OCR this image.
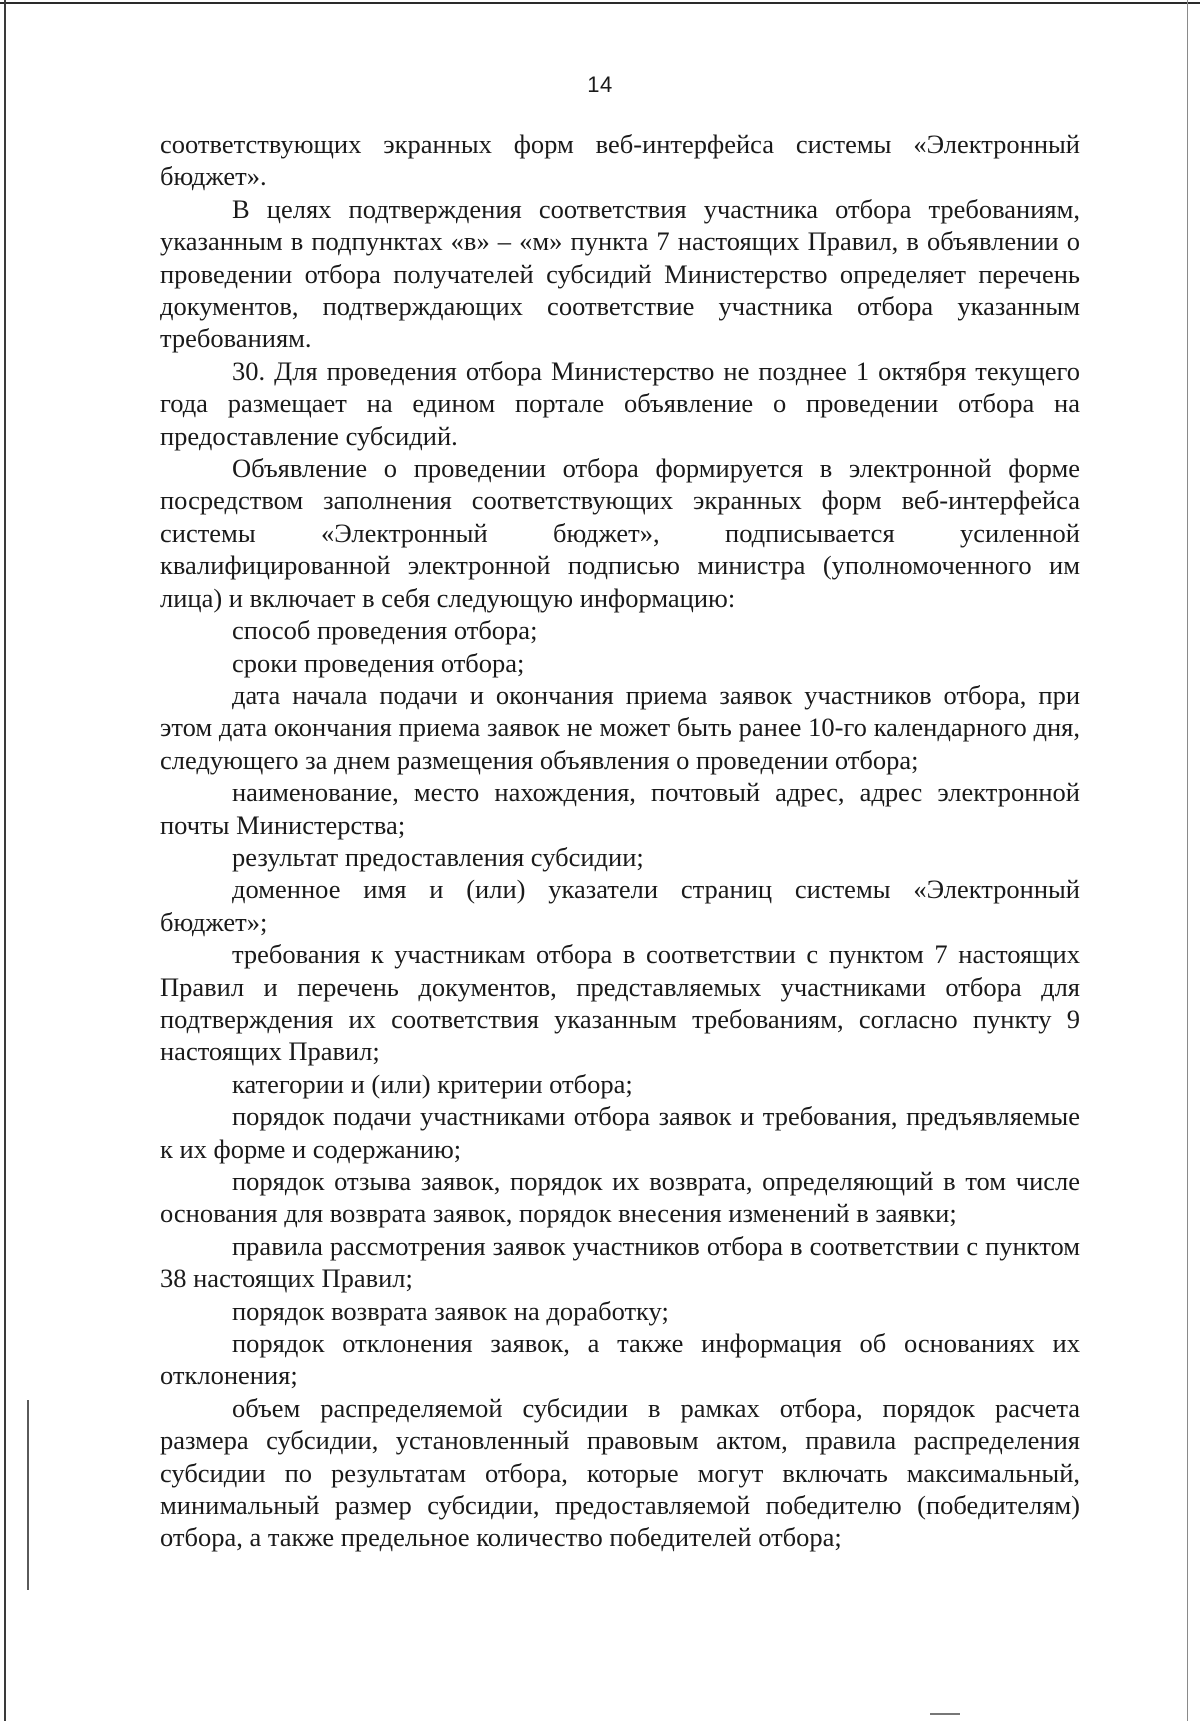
14

соответствующих экранных форм веб-интерфейса системы «Электронный бюджет».

В целях подтверждения соответствия участника отбора требованиям, указанным в подпунктах «в» – «м» пункта 7 настоящих Правил, в объявлении о проведении отбора получателей субсидий Министерство определяет перечень документов, подтверждающих соответствие участника отбора указанным требованиям.

30. Для проведения отбора Министерство не позднее 1 октября текущего года размещает на едином портале объявление о проведении отбора на предоставление субсидий.

Объявление о проведении отбора формируется в электронной форме посредством заполнения соответствующих экранных форм веб-интерфейса системы «Электронный бюджет», подписывается усиленной квалифицированной электронной подписью министра (уполномоченного им лица) и включает в себя следующую информацию:

способ проведения отбора;

сроки проведения отбора;

дата начала подачи и окончания приема заявок участников отбора, при этом дата окончания приема заявок не может быть ранее 10-го календарного дня, следующего за днем размещения объявления о проведении отбора;

наименование, место нахождения, почтовый адрес, адрес электронной почты Министерства;

результат предоставления субсидии;

доменное имя и (или) указатели страниц системы «Электронный бюджет»;

требования к участникам отбора в соответствии с пунктом 7 настоящих Правил и перечень документов, представляемых участниками отбора для подтверждения их соответствия указанным требованиям, согласно пункту 9 настоящих Правил;

категории и (или) критерии отбора;

порядок подачи участниками отбора заявок и требования, предъявляемые к их форме и содержанию;

порядок отзыва заявок, порядок их возврата, определяющий в том числе основания для возврата заявок, порядок внесения изменений в заявки;

правила рассмотрения заявок участников отбора в соответствии с пунктом 38 настоящих Правил;

порядок возврата заявок на доработку;

порядок отклонения заявок, а также информация об основаниях их отклонения;

объем распределяемой субсидии в рамках отбора, порядок расчета размера субсидии, установленный правовым актом, правила распределения субсидии по результатам отбора, которые могут включать максимальный, минимальный размер субсидии, предоставляемой победителю (победителям) отбора, а также предельное количество победителей отбора;
